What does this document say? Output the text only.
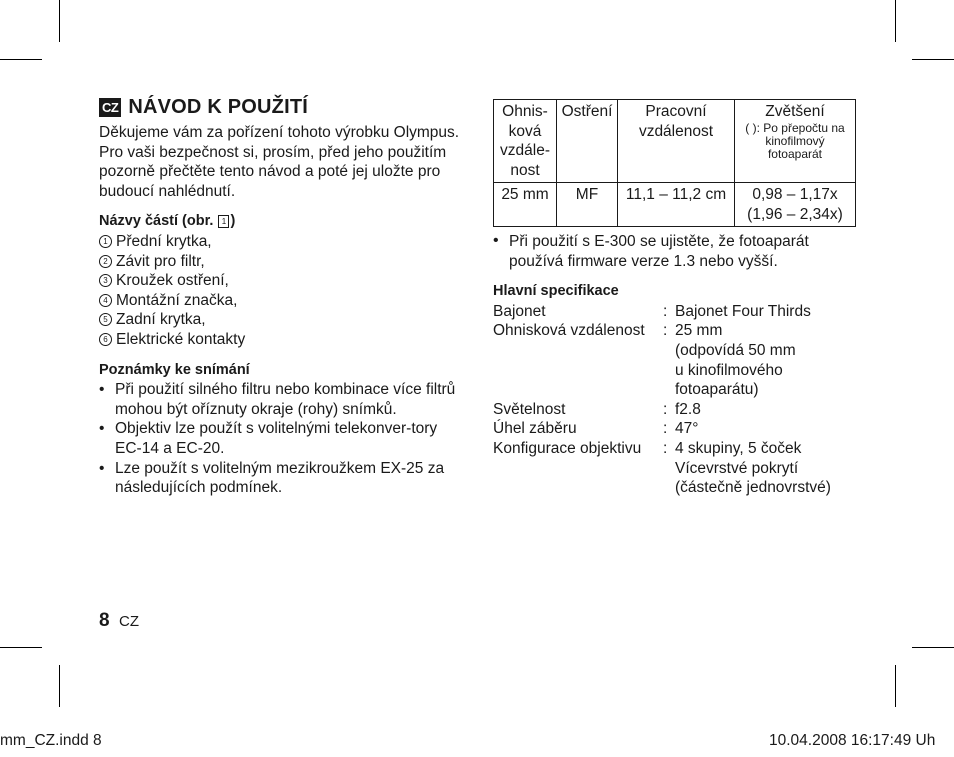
CZ NÁVOD K POUŽITÍ

Děkujeme vám za pořízení tohoto výrobku Olympus. Pro vaši bezpečnost si, prosím, před jeho použitím pozorně přečtěte tento návod a poté jej uložte pro budoucí nahlédnutí.

Názvy částí (obr. 1 )

1 Přední krytka,
2 Závit pro filtr,
3 Kroužek ostření,
4 Montážní značka,
5 Zadní krytka,
6 Elektrické kontakty

Poznámky ke snímání

• Při použití silného filtru nebo kombinace více filtrů mohou být oříznuty okraje (rohy) snímků.
• Objektiv lze použít s volitelnými telekonver-tory EC-14 a EC-20.
• Lze použít s volitelným mezikroužkem EX-25 za následujících podmínek.
Ohnis-ková vzdále-nost	Ostření	Pracovní vzdálenost	Zvětšení
( ): Po přepočtu na kinofilmový fotoaparát

25 mm	MF	11,1 – 11,2 cm	0,98 – 1,17x (1,96 – 2,34x)
• Při použití s E-300 se ujistěte, že fotoaparát používá firmware verze 1.3 nebo vyšší.

Hlavní specifikace

Bajonet	: Bajonet Four Thirds
Ohnisková vzdálenost	: 25 mm
(odpovídá 50 mm
u kinofilmového
fotoaparátu)
Světelnost	: f2.8
Úhel záběru	: 47°
Konfigurace objektivu	: 4 skupiny, 5 čoček
Vícevrstvé pokrytí
(částečně jednovrstvé)
8 CZ
mm_CZ.indd 8	10.04.2008 16:17:49 Uh
